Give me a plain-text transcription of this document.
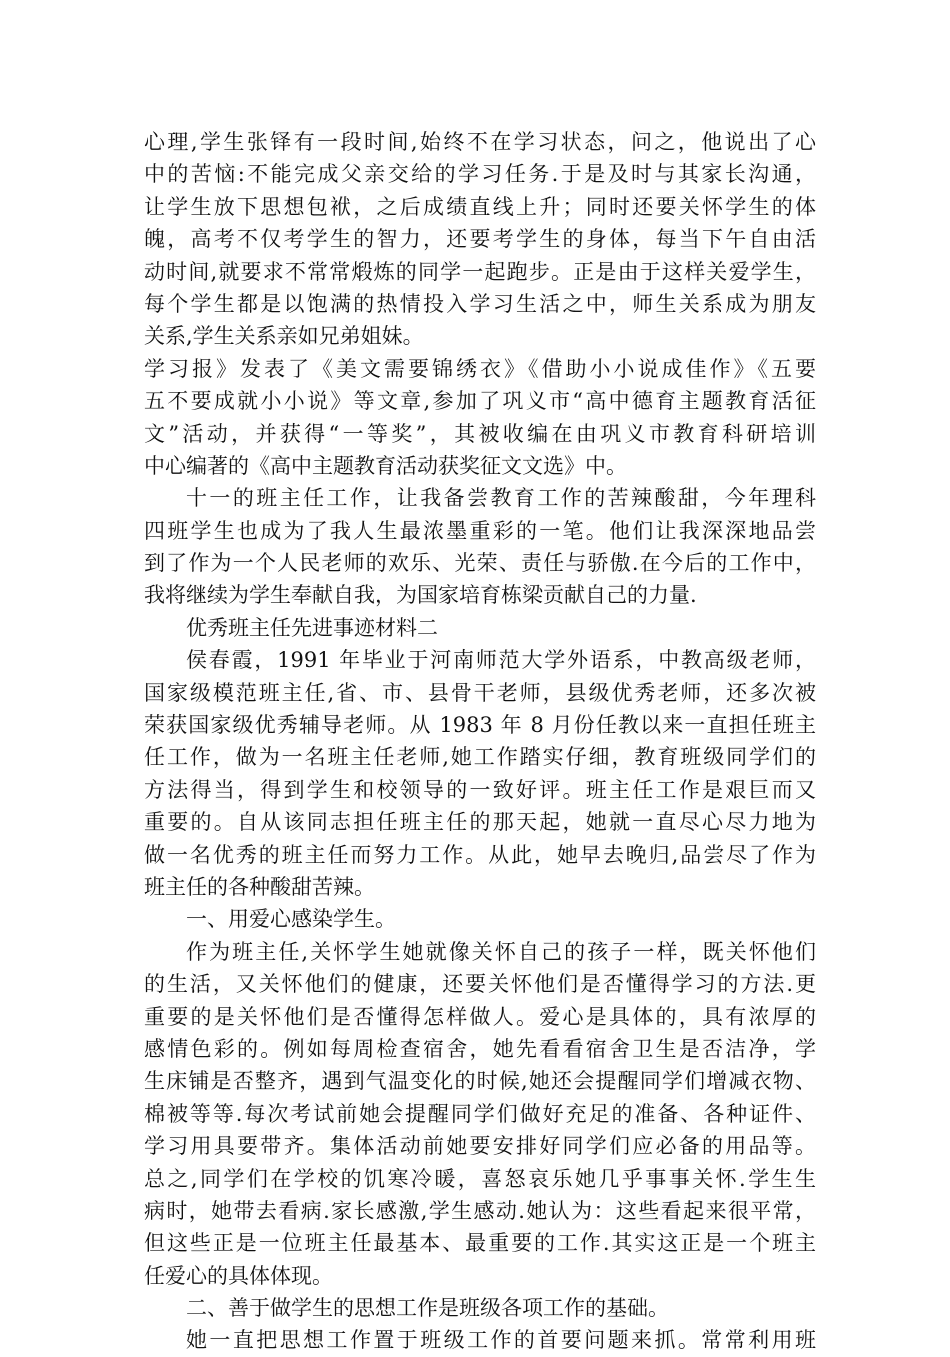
心理,学生张铎有一段时间,始终不在学习状态，问之，他说出了心
中的苦恼:不能完成父亲交给的学习任务.于是及时与其家长沟通，
让学生放下思想包袱，之后成绩直线上升；同时还要关怀学生的体
魄，高考不仅考学生的智力，还要考学生的身体，每当下午自由活
动时间,就要求不常常煅炼的同学一起跑步。正是由于这样关爱学生，
每个学生都是以饱满的热情投入学习生活之中，师生关系成为朋友
关系,学生关系亲如兄弟姐妹。
学习报》发表了《美文需要锦绣衣》《借助小小说成佳作》《五要
五不要成就小小说》等文章,参加了巩义市“高中德育主题教育活征
文”活动，并获得“一等奖”，其被收编在由巩义市教育科研培训
中心编著的《高中主题教育活动获奖征文文选》中。
十一的班主任工作，让我备尝教育工作的苦辣酸甜，今年理科
四班学生也成为了我人生最浓墨重彩的一笔。他们让我深深地品尝
到了作为一个人民老师的欢乐、光荣、责任与骄傲.在今后的工作中，
我将继续为学生奉献自我，为国家培育栋梁贡献自己的力量.
优秀班主任先进事迹材料二
侯春霞，1991 年毕业于河南师范大学外语系，中教高级老师，
国家级模范班主任,省、市、县骨干老师，县级优秀老师，还多次被
荣获国家级优秀辅导老师。从 1983 年 8 月份任教以来一直担任班主
任工作，做为一名班主任老师,她工作踏实仔细，教育班级同学们的
方法得当，得到学生和校领导的一致好评。班主任工作是艰巨而又
重要的。自从该同志担任班主任的那天起，她就一直尽心尽力地为
做一名优秀的班主任而努力工作。从此，她早去晚归,品尝尽了作为
班主任的各种酸甜苦辣。
一、用爱心感染学生。
作为班主任,关怀学生她就像关怀自己的孩子一样，既关怀他们
的生活，又关怀他们的健康，还要关怀他们是否懂得学习的方法.更
重要的是关怀他们是否懂得怎样做人。爱心是具体的，具有浓厚的
感情色彩的。例如每周检查宿舍，她先看看宿舍卫生是否洁净，学
生床铺是否整齐，遇到气温变化的时候,她还会提醒同学们增减衣物、
棉被等等.每次考试前她会提醒同学们做好充足的准备、各种证件、
学习用具要带齐。集体活动前她要安排好同学们应必备的用品等。
总之,同学们在学校的饥寒冷暖，喜怒哀乐她几乎事事关怀.学生生
病时，她带去看病.家长感激,学生感动.她认为：这些看起来很平常，
但这些正是一位班主任最基本、最重要的工作.其实这正是一个班主
任爱心的具体体现。
二、善于做学生的思想工作是班级各项工作的基础。
她一直把思想工作置于班级工作的首要问题来抓。常常利用班
